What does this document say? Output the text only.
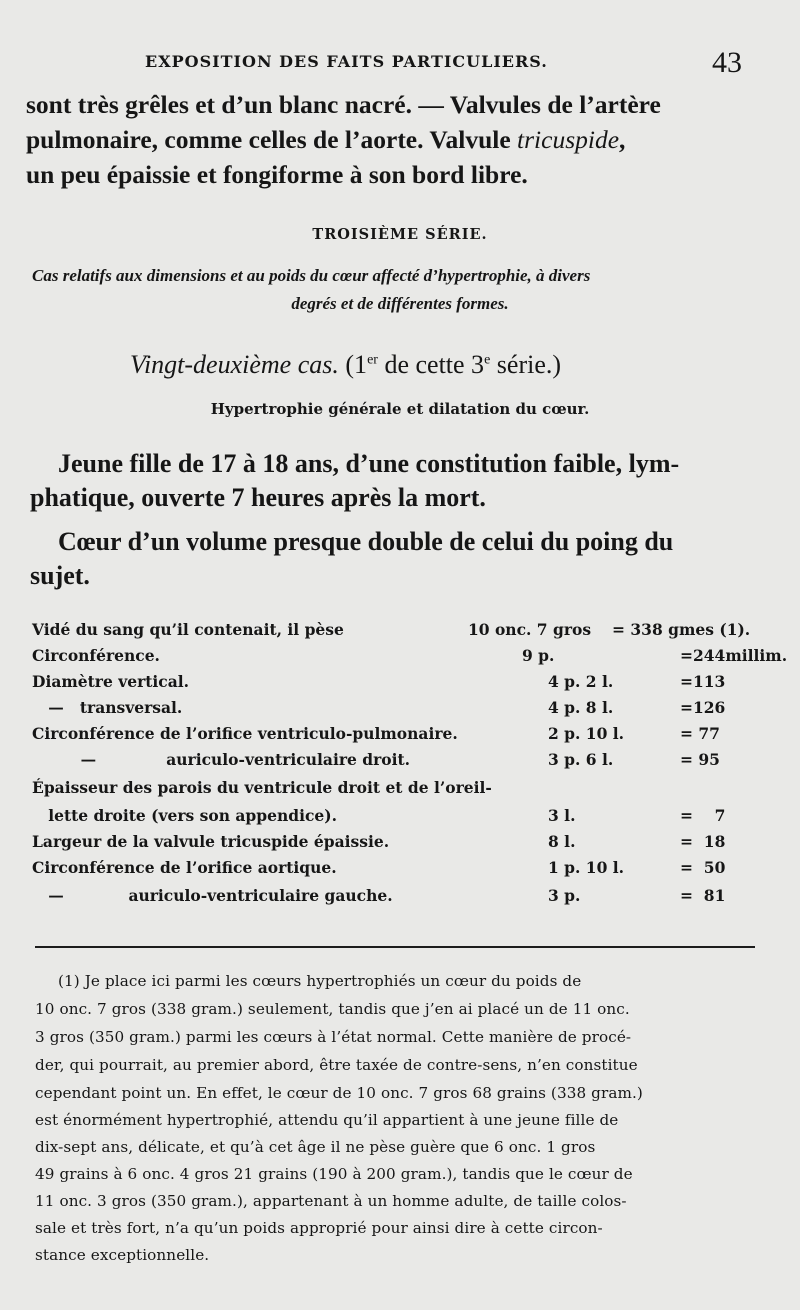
EXPOSITION DES FAITS PARTICULIERS.	43
sont très grêles et d’un blanc nacré. — Valvules de l’artère
pulmonaire, comme celles de l’aorte. Valvule tricuspide,
un peu épaissie et fongiforme à son bord libre.
TROISIÈME SÉRIE.
Cas relatifs aux dimensions et au poids du cœur affecté d’hypertrophie, à divers
degrés et de différentes formes.
Vingt-deuxième cas. (1er de cette 3e série.)
Hypertrophie générale et dilatation du cœur.
Jeune fille de 17 à 18 ans, d’une constitution faible, lym-
phatique, ouverte 7 heures après la mort.
Cœur d’un volume presque double de celui du poing du
sujet.
Vidé du sang qu’il contenait, il pèse	10 onc. 7 gros = 338 gmes (1).
Circonférence.	9 p.	=244millim.
Diamètre vertical.	4 p. 2 l.	=113
—   transversal.	4 p. 8 l.	=126
Circonférence de l’orifice ventriculo-pulmonaire.	2 p. 10 l.	= 77
—             auriculo-ventriculaire droit.	3 p. 6 l.	= 95
Épaisseur des parois du ventricule droit et de l’oreil-
lette droite (vers son appendice).	3 l.	=    7
Largeur de la valvule tricuspide épaissie.	8 l.	=  18
Circonférence de l’orifice aortique.	1 p. 10 l.	=  50
—            auriculo-ventriculaire gauche.	3 p.	=  81
(1) Je place ici parmi les cœurs hypertrophiés un cœur du poids de
10 onc. 7 gros (338 gram.) seulement, tandis que j’en ai placé un de 11 onc.
3 gros (350 gram.) parmi les cœurs à l’état normal. Cette manière de procé-
der, qui pourrait, au premier abord, être taxée de contre-sens, n’en constitue
cependant point un. En effet, le cœur de 10 onc. 7 gros 68 grains (338 gram.)
est énormément hypertrophié, attendu qu’il appartient à une jeune fille de
dix-sept ans, délicate, et qu’à cet âge il ne pèse guère que 6 onc. 1 gros
49 grains à 6 onc. 4 gros 21 grains (190 à 200 gram.), tandis que le cœur de
11 onc. 3 gros (350 gram.), appartenant à un homme adulte, de taille colos-
sale et très fort, n’a qu’un poids approprié pour ainsi dire à cette circon-
stance exceptionnelle.
